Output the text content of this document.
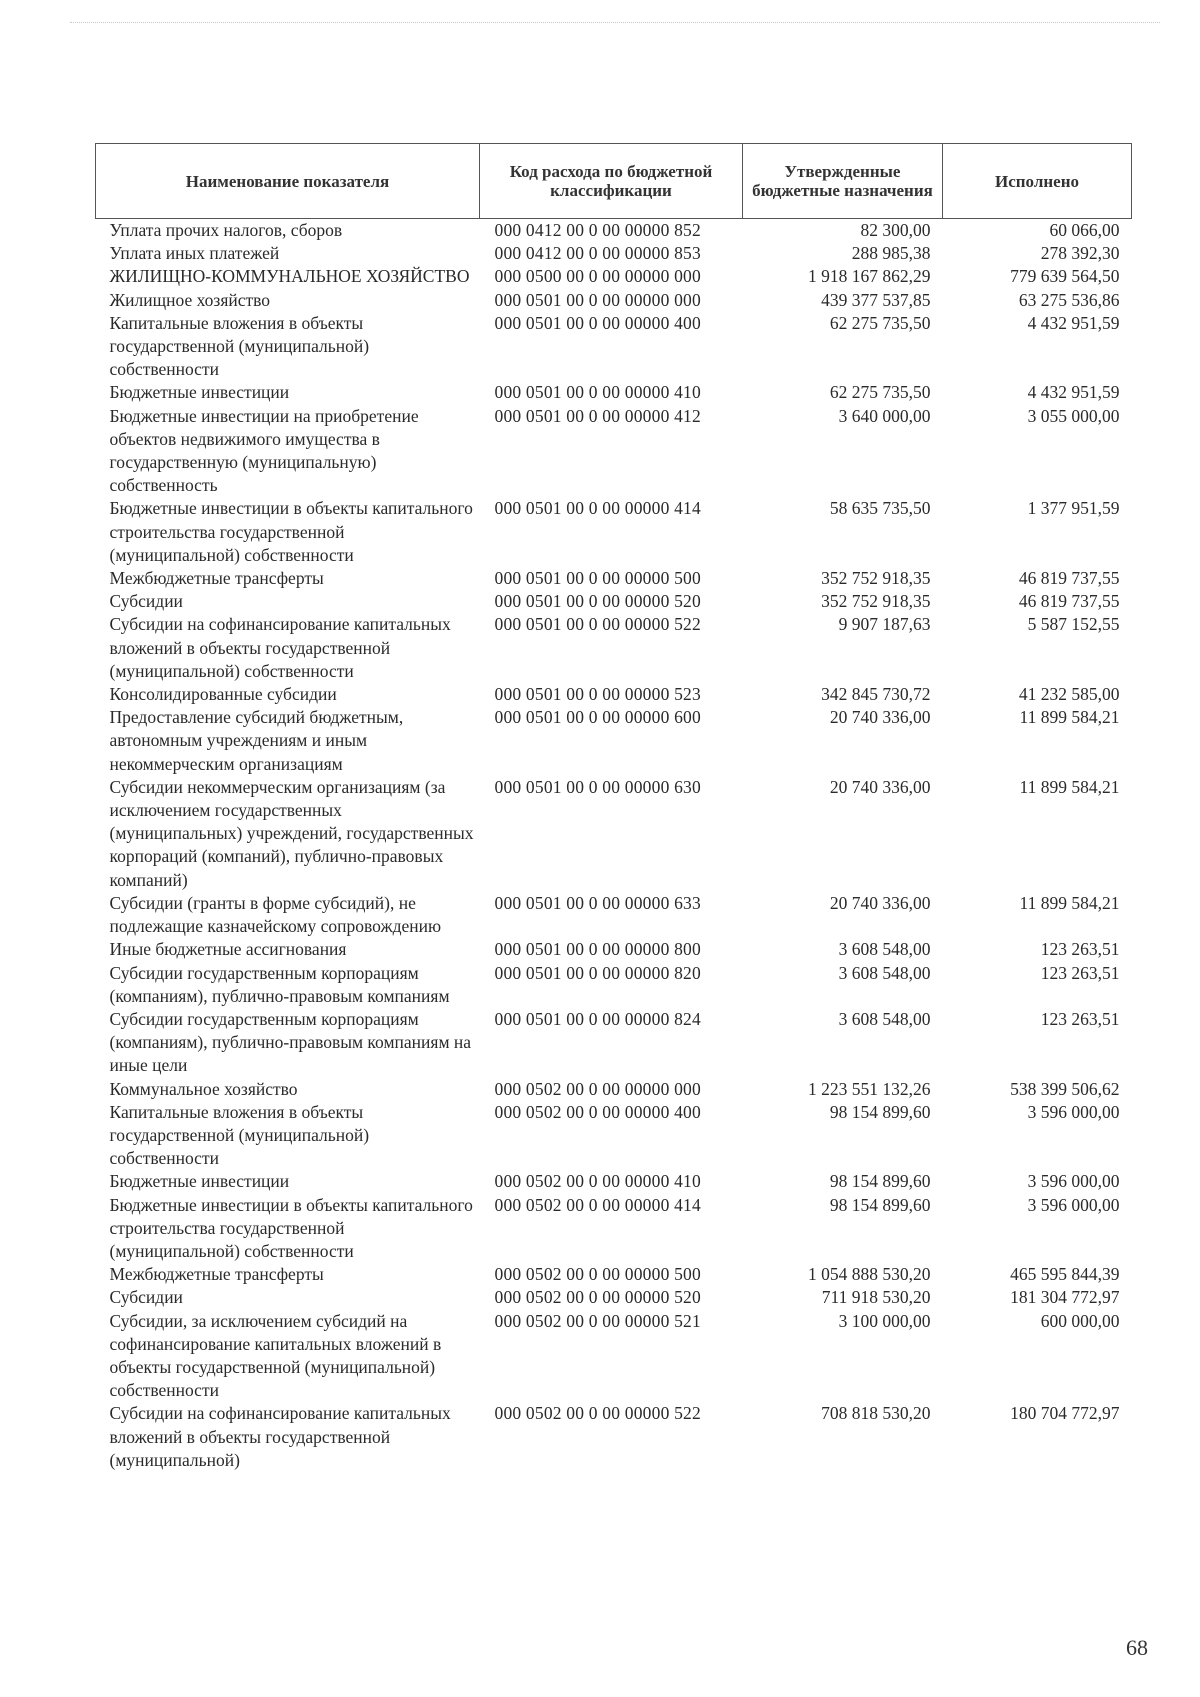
Наименование показателя	Код расхода по бюджетной классификации	Утвержденные бюджетные назначения	Исполнено
Уплата прочих налогов, сборов	000 0412 00 0 00 00000 852	82 300,00	60 066,00
Уплата иных платежей	000 0412 00 0 00 00000 853	288 985,38	278 392,30
ЖИЛИЩНО-КОММУНАЛЬНОЕ ХОЗЯЙСТВО	000 0500 00 0 00 00000 000	1 918 167 862,29	779 639 564,50
Жилищное хозяйство	000 0501 00 0 00 00000 000	439 377 537,85	63 275 536,86
Капитальные вложения в объекты государственной (муниципальной) собственности	000 0501 00 0 00 00000 400	62 275 735,50	4 432 951,59
Бюджетные инвестиции	000 0501 00 0 00 00000 410	62 275 735,50	4 432 951,59
Бюджетные инвестиции на приобретение объектов недвижимого имущества в государственную (муниципальную) собственность	000 0501 00 0 00 00000 412	3 640 000,00	3 055 000,00
Бюджетные инвестиции в объекты капитального строительства государственной (муниципальной) собственности	000 0501 00 0 00 00000 414	58 635 735,50	1 377 951,59
Межбюджетные трансферты	000 0501 00 0 00 00000 500	352 752 918,35	46 819 737,55
Субсидии	000 0501 00 0 00 00000 520	352 752 918,35	46 819 737,55
Субсидии на софинансирование капитальных вложений в объекты государственной (муниципальной) собственности	000 0501 00 0 00 00000 522	9 907 187,63	5 587 152,55
Консолидированные субсидии	000 0501 00 0 00 00000 523	342 845 730,72	41 232 585,00
Предоставление субсидий бюджетным, автономным учреждениям и иным некоммерческим организациям	000 0501 00 0 00 00000 600	20 740 336,00	11 899 584,21
Субсидии некоммерческим организациям (за исключением государственных (муниципальных) учреждений, государственных корпораций (компаний), публично-правовых компаний)	000 0501 00 0 00 00000 630	20 740 336,00	11 899 584,21
Субсидии (гранты в форме субсидий), не подлежащие казначейскому сопровождению	000 0501 00 0 00 00000 633	20 740 336,00	11 899 584,21
Иные бюджетные ассигнования	000 0501 00 0 00 00000 800	3 608 548,00	123 263,51
Субсидии государственным корпорациям (компаниям), публично-правовым компаниям	000 0501 00 0 00 00000 820	3 608 548,00	123 263,51
Субсидии государственным корпорациям (компаниям), публично-правовым компаниям на иные цели	000 0501 00 0 00 00000 824	3 608 548,00	123 263,51
Коммунальное хозяйство	000 0502 00 0 00 00000 000	1 223 551 132,26	538 399 506,62
Капитальные вложения в объекты государственной (муниципальной) собственности	000 0502 00 0 00 00000 400	98 154 899,60	3 596 000,00
Бюджетные инвестиции	000 0502 00 0 00 00000 410	98 154 899,60	3 596 000,00
Бюджетные инвестиции в объекты капитального строительства государственной (муниципальной) собственности	000 0502 00 0 00 00000 414	98 154 899,60	3 596 000,00
Межбюджетные трансферты	000 0502 00 0 00 00000 500	1 054 888 530,20	465 595 844,39
Субсидии	000 0502 00 0 00 00000 520	711 918 530,20	181 304 772,97
Субсидии, за исключением субсидий на софинансирование капитальных вложений в объекты государственной (муниципальной) собственности	000 0502 00 0 00 00000 521	3 100 000,00	600 000,00
Субсидии на софинансирование капитальных вложений в объекты государственной (муниципальной)	000 0502 00 0 00 00000 522	708 818 530,20	180 704 772,97
68
